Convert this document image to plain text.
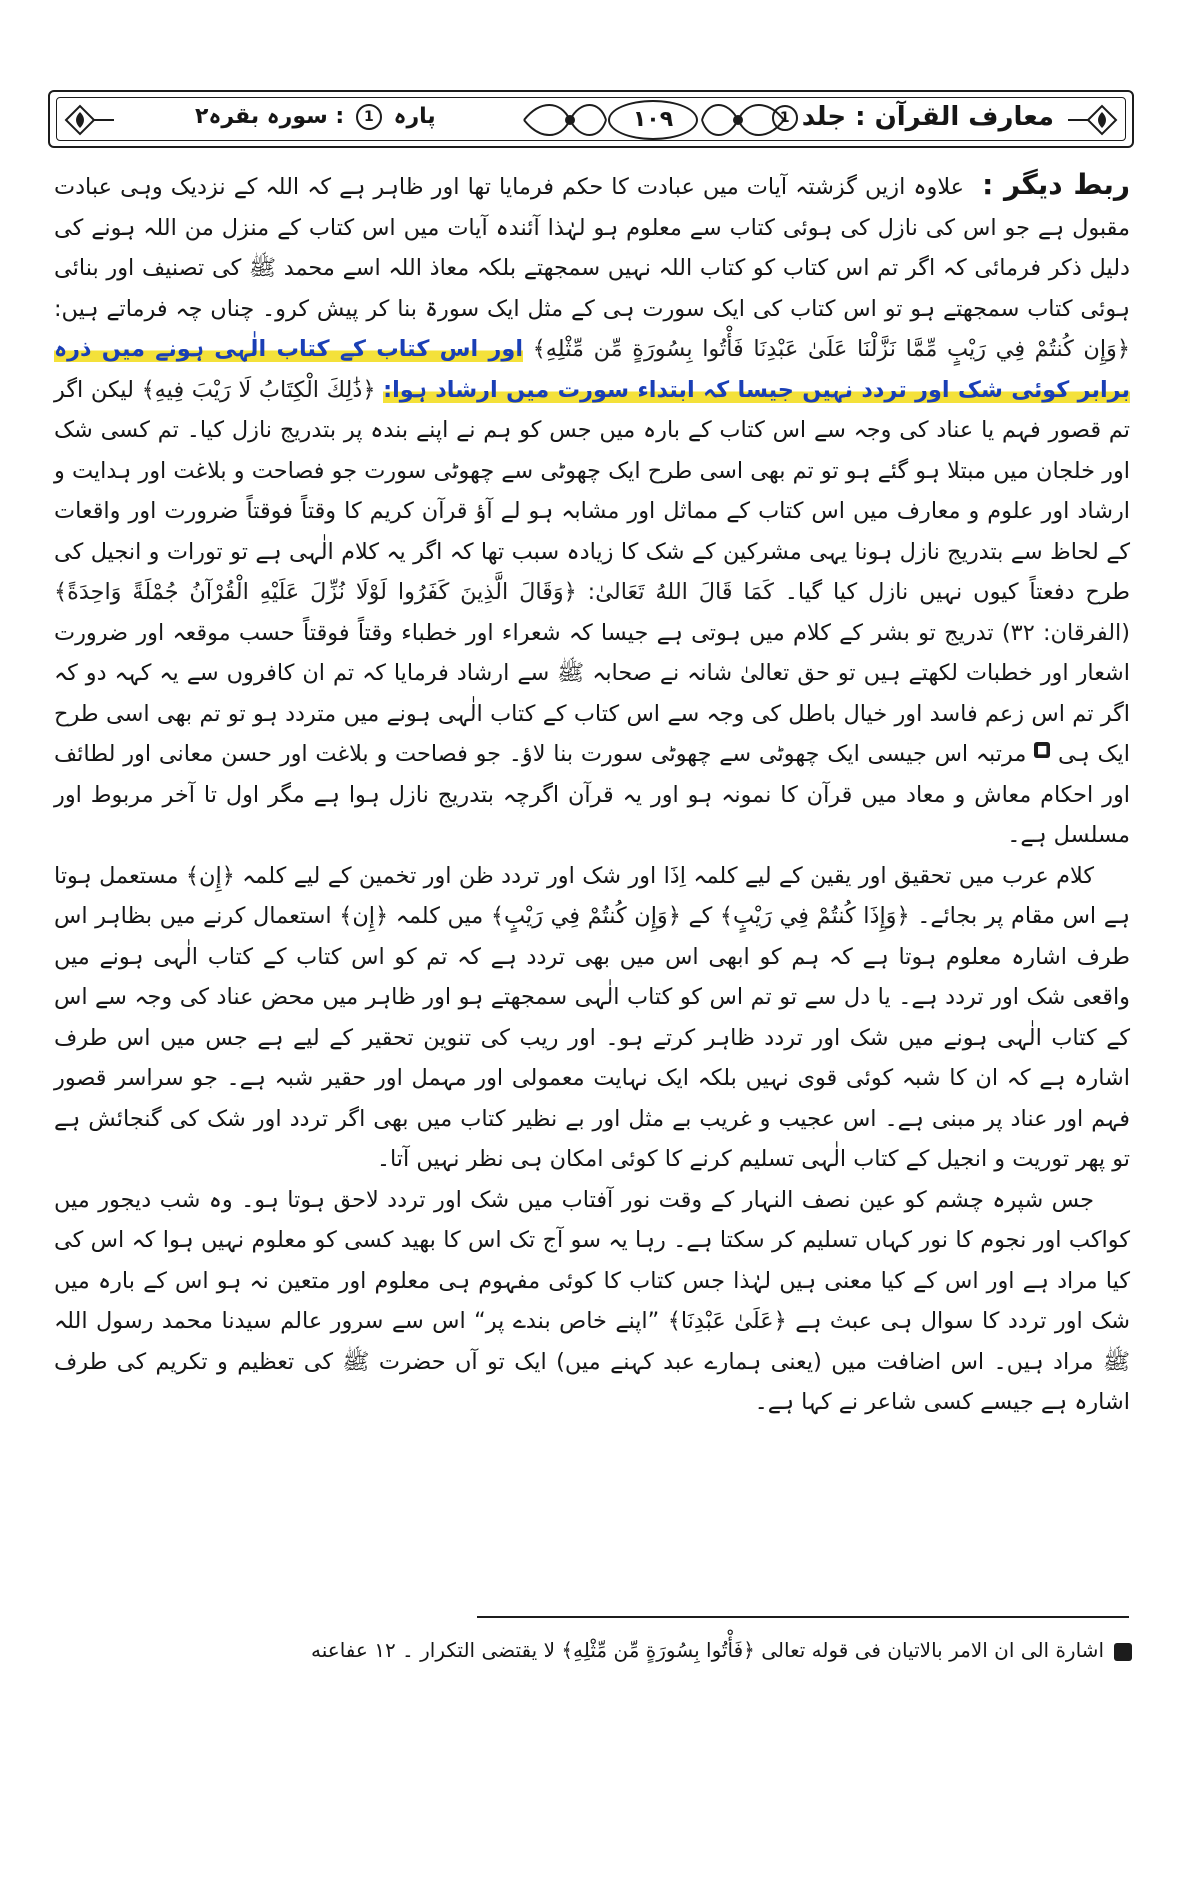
١٠٩	معارف القرآن : جلد1
پارہ 1 : سورہ بقرہ٢

ربط دیگر : علاوہ ازیں گزشتہ آیات میں عبادت کا حکم فرمایا تھا اور ظاہر ہے کہ اللہ کے نزدیک وہی عبادت مقبول ہے جو اس کی نازل کی ہوئی کتاب سے معلوم ہو لہٰذا آئندہ آیات میں اس کتاب کے منزل من اللہ ہونے کی دلیل ذکر فرمائی کہ اگر تم اس کتاب کو کتاب اللہ نہیں سمجھتے بلکہ معاذ اللہ اسے محمد ﷺ کی تصنیف اور بنائی ہوئی کتاب سمجھتے ہو تو اس کتاب کی ایک سورت ہی کے مثل ایک سورۃ بنا کر پیش کرو۔ چناں چہ فرماتے ہیں: ﴿وَإِن كُنتُمْ فِي رَيْبٍ مِّمَّا نَزَّلْنَا عَلَىٰ عَبْدِنَا فَأْتُوا بِسُورَةٍ مِّن مِّثْلِهِ﴾ اور اس کتاب کے کتاب الٰہی ہونے میں ذرہ برابر کوئی شک اور تردد نہیں جیسا کہ ابتداء سورت میں ارشاد ہوا: ﴿ذَٰلِكَ الْكِتَابُ لَا رَيْبَ فِيهِ﴾ لیکن اگر تم قصور فہم یا عناد کی وجہ سے اس کتاب کے بارہ میں جس کو ہم نے اپنے بندہ پر بتدریج نازل کیا۔ تم کسی شک اور خلجان میں مبتلا ہو گئے ہو تو تم بھی اسی طرح ایک چھوٹی سے چھوٹی سورت جو فصاحت و بلاغت اور ہدایت و ارشاد اور علوم و معارف میں اس کتاب کے مماثل اور مشابہ ہو لے آؤ قرآن کریم کا وقتاً فوقتاً ضرورت اور واقعات کے لحاظ سے بتدریج نازل ہونا یہی مشرکین کے شک کا زیادہ سبب تھا کہ اگر یہ کلام الٰہی ہے تو تورات و انجیل کی طرح دفعتاً کیوں نہیں نازل کیا گیا۔ كَمَا قَالَ اللهُ تَعَالىٰ: ﴿وَقَالَ الَّذِينَ كَفَرُوا لَوْلَا نُزِّلَ عَلَيْهِ الْقُرْآنُ جُمْلَةً وَاحِدَةً﴾ (الفرقان: ٣٢) تدریج تو بشر کے کلام میں ہوتی ہے جیسا کہ شعراء اور خطباء وقتاً فوقتاً حسب موقعہ اور ضرورت اشعار اور خطبات لکھتے ہیں تو حق تعالیٰ شانہ نے صحابہ ﷺ سے ارشاد فرمایا کہ تم ان کافروں سے یہ کہہ دو کہ اگر تم اس زعم فاسد اور خیال باطل کی وجہ سے اس کتاب کے کتاب الٰہی ہونے میں متردد ہو تو تم بھی اسی طرح ایک ہی ■ مرتبہ اس جیسی ایک چھوٹی سے چھوٹی سورت بنا لاؤ۔ جو فصاحت و بلاغت اور حسن معانی اور لطائف اور احکام معاش و معاد میں قرآن کا نمونہ ہو اور یہ قرآن اگرچہ بتدریج نازل ہوا ہے مگر اول تا آخر مربوط اور مسلسل ہے۔

کلام عرب میں تحقیق اور یقین کے لیے کلمہ اِذَا اور شک اور تردد ظن اور تخمین کے لیے کلمہ ﴿إِن﴾ مستعمل ہوتا ہے اس مقام پر بجائے۔ ﴿وَإِذَا كُنتُمْ فِي رَيْبٍ﴾ کے ﴿وَإِن كُنتُمْ فِي رَيْبٍ﴾ میں کلمہ ﴿إِن﴾ استعمال کرنے میں بظاہر اس طرف اشارہ معلوم ہوتا ہے کہ ہم کو ابھی اس میں بھی تردد ہے کہ تم کو اس کتاب کے کتاب الٰہی ہونے میں واقعی شک اور تردد ہے۔ یا دل سے تو تم اس کو کتاب الٰہی سمجھتے ہو اور ظاہر میں محض عناد کی وجہ سے اس کے کتاب الٰہی ہونے میں شک اور تردد ظاہر کرتے ہو۔ اور ریب کی تنوین تحقیر کے لیے ہے جس میں اس طرف اشارہ ہے کہ ان کا شبہ کوئی قوی نہیں بلکہ ایک نہایت معمولی اور مہمل اور حقیر شبہ ہے۔ جو سراسر قصور فہم اور عناد پر مبنی ہے۔ اس عجیب و غریب بے مثل اور بے نظیر کتاب میں بھی اگر تردد اور شک کی گنجائش ہے تو پھر توریت و انجیل کے کتاب الٰہی تسلیم کرنے کا کوئی امکان ہی نظر نہیں آتا۔

جس شپرہ چشم کو عین نصف النہار کے وقت نور آفتاب میں شک اور تردد لاحق ہوتا ہو۔ وہ شب دیجور میں کواکب اور نجوم کا نور کہاں تسلیم کر سکتا ہے۔ رہا یہ سو آج تک اس کا بھید کسی کو معلوم نہیں ہوا کہ اس کی کیا مراد ہے اور اس کے کیا معنی ہیں لہٰذا جس کتاب کا کوئی مفہوم ہی معلوم اور متعین نہ ہو اس کے بارہ میں شک اور تردد کا سوال ہی عبث ہے ﴿عَلَىٰ عَبْدِنَا﴾ ”اپنے خاص بندے پر“ اس سے سرور عالم سیدنا محمد رسول اللہ ﷺ مراد ہیں۔ اس اضافت میں (یعنی ہمارے عبد کہنے میں) ایک تو آں حضرت ﷺ کی تعظیم و تکریم کی طرف اشارہ ہے جیسے کسی شاعر نے کہا ہے۔

اشارة الی ان الامر بالاتیان فی قوله تعالی ﴿فَأْتُوا بِسُورَةٍ مِّن مِّثْلِهِ﴾ لا یقتضی التکرار ۔ ١٢ عفاعنه
